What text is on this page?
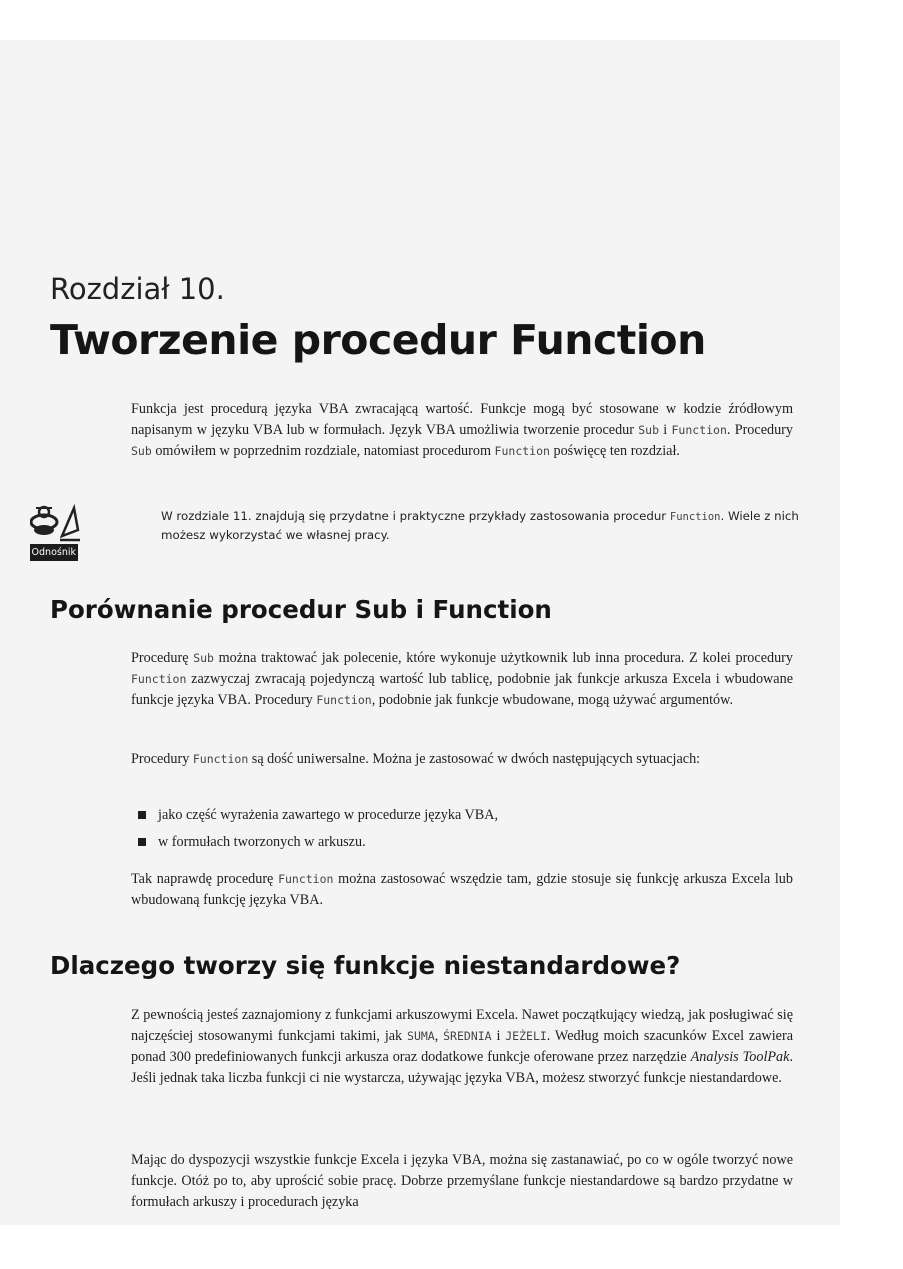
Rozdział 10.
Tworzenie procedur Function

Funkcja jest procedurą języka VBA zwracającą wartość. Funkcje mogą być stosowane w kodzie źródłowym napisanym w języku VBA lub w formułach. Język VBA umożliwia tworzenie procedur Sub i Function. Procedury Sub omówiłem w poprzednim rozdziale, natomiast procedurom Function poświęcę ten rozdział.

Odnośnik
W rozdziale 11. znajdują się przydatne i praktyczne przykłady zastosowania procedur Function. Wiele z nich możesz wykorzystać we własnej pracy.
Porównanie procedur Sub i Function

Procedurę Sub można traktować jak polecenie, które wykonuje użytkownik lub inna procedura. Z kolei procedury Function zazwyczaj zwracają pojedynczą wartość lub tablicę, podobnie jak funkcje arkusza Excela i wbudowane funkcje języka VBA. Procedury Function, podobnie jak funkcje wbudowane, mogą używać argumentów.

Procedury Function są dość uniwersalne. Można je zastosować w dwóch następujących sytuacjach:

jako część wyrażenia zawartego w procedurze języka VBA,
w formułach tworzonych w arkuszu.

Tak naprawdę procedurę Function można zastosować wszędzie tam, gdzie stosuje się funkcję arkusza Excela lub wbudowaną funkcję języka VBA.

Dlaczego tworzy się funkcje niestandardowe?

Z pewnością jesteś zaznajomiony z funkcjami arkuszowymi Excela. Nawet początkujący wiedzą, jak posługiwać się najczęściej stosowanymi funkcjami takimi, jak SUMA, ŚREDNIA i JEŻELI. Według moich szacunków Excel zawiera ponad 300 predefiniowanych funkcji arkusza oraz dodatkowe funkcje oferowane przez narzędzie Analysis ToolPak. Jeśli jednak taka liczba funkcji ci nie wystarcza, używając języka VBA, możesz stworzyć funkcje niestandardowe.

Mając do dyspozycji wszystkie funkcje Excela i języka VBA, można się zastanawiać, po co w ogóle tworzyć nowe funkcje. Otóż po to, aby uprościć sobie pracę. Dobrze przemyślane funkcje niestandardowe są bardzo przydatne w formułach arkuszy i procedurach języka
